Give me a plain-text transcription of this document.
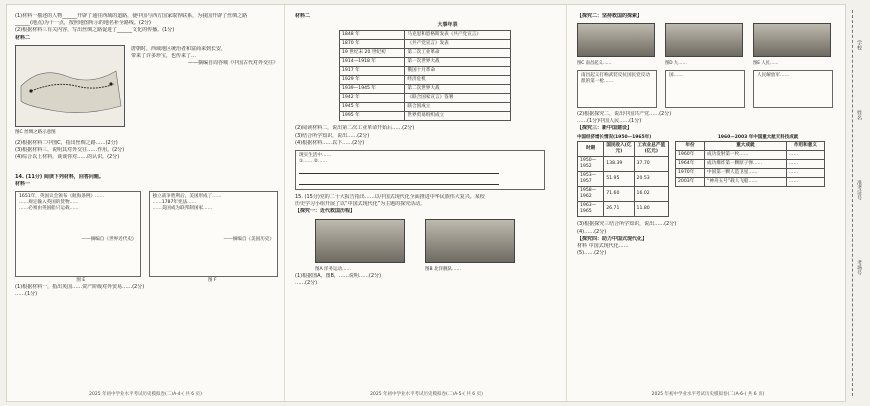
(1)材料一描述的人物______开辟了通往西域的道路，使中国与西方国家取得联系，为我国开辟了丝绸之路
______(地点)为十一点，按照地图所示的地名补全路线。(2分)
(2)根据材料三有关内容，写出丝绸之路促进了______文化的传播。(1分)
材料二
图C 丝绸之路示意图
唐朝时，西域地区统治者和富商来到长安，
带来了许多珍宝，也传来了…
——摘编自周谷城《中国古代对外交往》
(2)根据材料二中图C，指出丝绸之路……(2分)
(3)根据材料三，说明其对外交往……作用。(2分)
(4)综合以上材料，谈谈你对……的认识。(2分)
14. (11分) 阅读下列材料，回答问题。
材料一
1651年，英国议会颁布《航海条例》……
……规定输入英国的货物……
……必须由英国船只运载……
——摘编自《世界近代史》
独立战争胜利后，美国形成了……
……1787年宪法……
……美国成为联邦制国家……
——摘编自《美国历史》
图 E	图 F
(1)根据材料一，指出英国……资产阶级对外贸易……(2分)
……(1分)
2025 年初中学业水平考试历史模拟卷(二)A-4-( 共 6 页)
材料二
大事年表
1848 年	马克思和恩格斯发表《共产党宣言》
1870 年	《共产党宣言》发表
19 世纪末 20 世纪初	第二次工业革命
1914—1918 年	第一次世界大战
1917 年	俄国十月革命
1929 年	经济危机
1939—1945 年	第二次世界大战
1942 年	《联合国家宣言》签署
1945 年	联合国成立
1995 年	世界贸易组织成立
(2)阅读材料二，说出第二次工业革命开始后……(2分)
(3)结合所学知识，说出……(2分)
(4)根据材料……以下……(2分)
现实生活中……
①…… ②……
15. (15分)党的二十大报告指出……以中国式现代化全面推进中华民族伟大复兴。某校
历史学习小组开展了以“中国式现代化”为主题的探究活动。
【探究一：近代救国历程】
图A 洋务运动……	图B 北洋舰队……
(1)根据图A、图B，……说明……(2分)
……(2分)
2025 年初中学业水平考试历史模拟卷(二)A-5-( 共 6 页)
【探究二：坚持救国的探索】
图C 南昌起义……	图D 九……	图E 人民……
南昌起义打响武装反抗国民党反动派的第一枪……
国……	人民解放军……
(2)根据探究二，说出中国共产党……(2分)
……(1分)中国人民……(1分)
【探究三：新中国建设】
中国经济增长情况(1950—1965年)
时期	国民收入(亿元)	工农业总产值(亿元)
1950—1952	138.39	37.70
1953—1957	51.95	20.53
1958—1962	71.60	16.02
1963—1965	26.71	11.80
1960—2003 年中国重大航天科技成就
年份	重大成就	作用和意义
1960年	成功发射第一枚……	……
1964年	成功爆炸第一颗原子弹……	……
1970年	中国第一颗人造卫星……	……
2003年	“神舟五号”载人飞船……	……
(3)根据探究三结合所学知识，说出……(2分)
(4)……(2分)
【探究四：助力中国式现代化】
材料 中国式现代化……
(5)……(2分)
2025 年初中学业水平考试历史模拟卷(二)A-6-( 共 6 页)
学校
姓名
准考证号
考场号
